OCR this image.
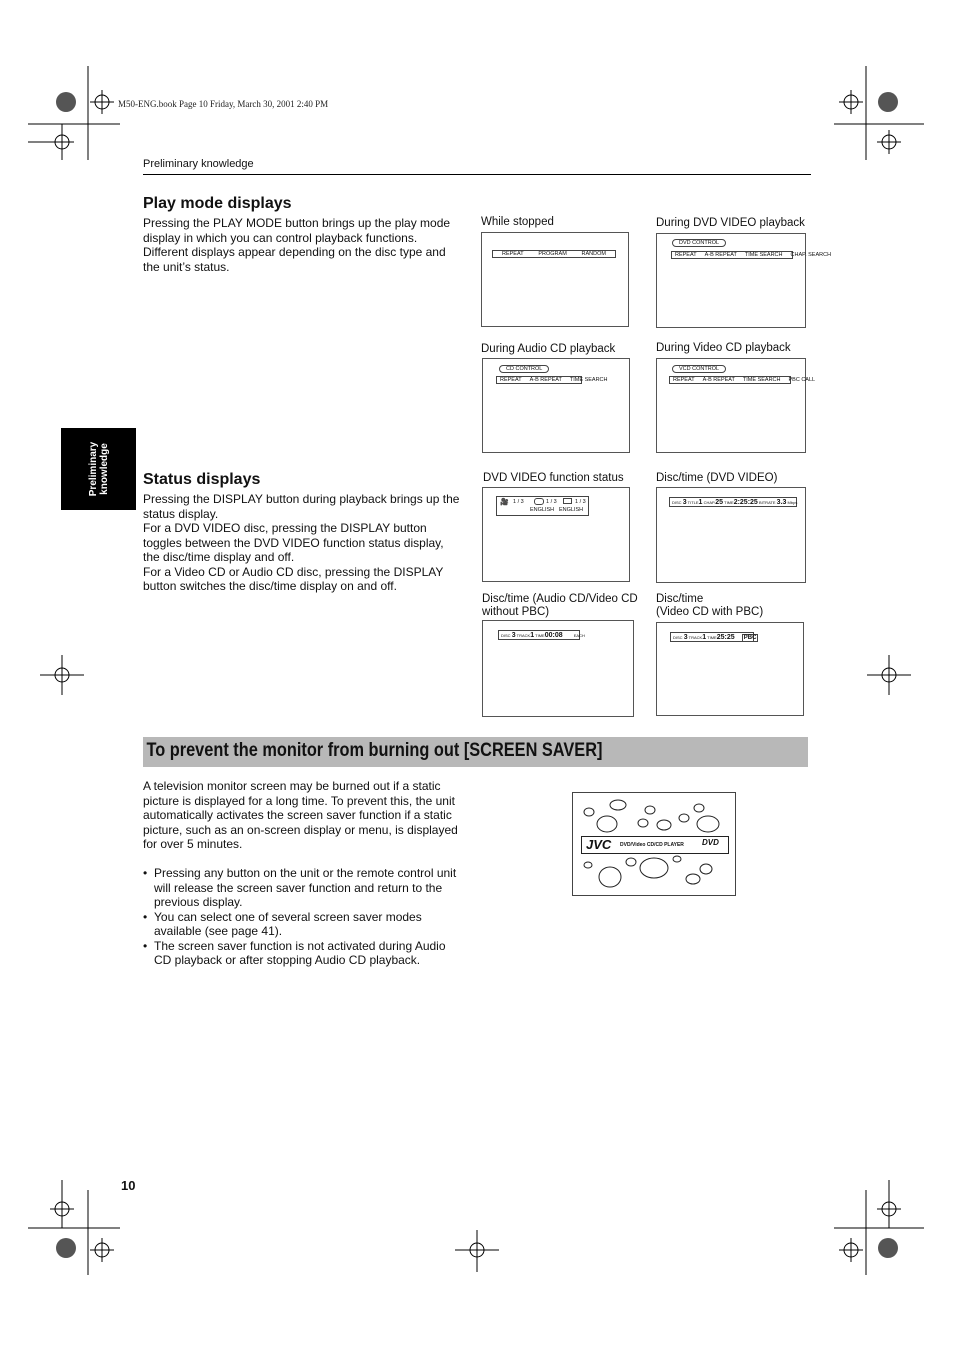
M50-ENG.book Page 10 Friday, March 30, 2001 2:40 PM
Preliminary knowledge
Preliminary
knowledge
Play mode displays

Pressing the PLAY MODE button brings up the play mode display in which you can control playback functions.

Different displays appear depending on the disc type and the unit’s status.

Status displays

Pressing the DISPLAY button during playback brings up the status display.

For a DVD VIDEO disc, pressing the DISPLAY button toggles between the DVD VIDEO function status display, the disc/time display and off.

For a Video CD or Audio CD disc, pressing the DISPLAY button switches the disc/time display on and off.

While stopped
REPEAT	PROGRAM	RANDOM
During DVD VIDEO playback
DVD CONTROL
REPEAT A-B REPEAT TIME SEARCH CHAP. SEARCH
During Audio CD playback
CD CONTROL
REPEAT A-B REPEAT TIME SEARCH
During Video CD playback
VCD CONTROL
REPEAT A-B REPEAT TIME SEARCH PBC CALL
DVD VIDEO function status
🎥 1 / 3	1 / 3	1 / 3
ENGLISH ENGLISH
Disc/time (DVD VIDEO)
DISC 3 TITLE1 CHAP.25 TIME2:25:25 BITRATE 3.3 Mbps
Disc/time (Audio CD/Video CD
without PBC)
DISC 3 TRACK1 TIME00:08	EACH
Disc/time
(Video CD with PBC)
DISC 3 TRACK1 TIME25:25 PBC
To prevent the monitor from burning out [SCREEN SAVER]

A television monitor screen may be burned out if a static picture is displayed for a long time. To prevent this, the unit automatically activates the screen saver function if a static picture, such as an on-screen display or menu, is displayed for over 5 minutes.

• Pressing any button on the unit or the remote control unit will release the screen saver function and return to the previous display.
• You can select one of several screen saver modes available (see page 41).
• The screen saver function is not activated during Audio CD playback or after stopping Audio CD playback.
JVC DVD/Video CD/CD PLAYER DVD
10
